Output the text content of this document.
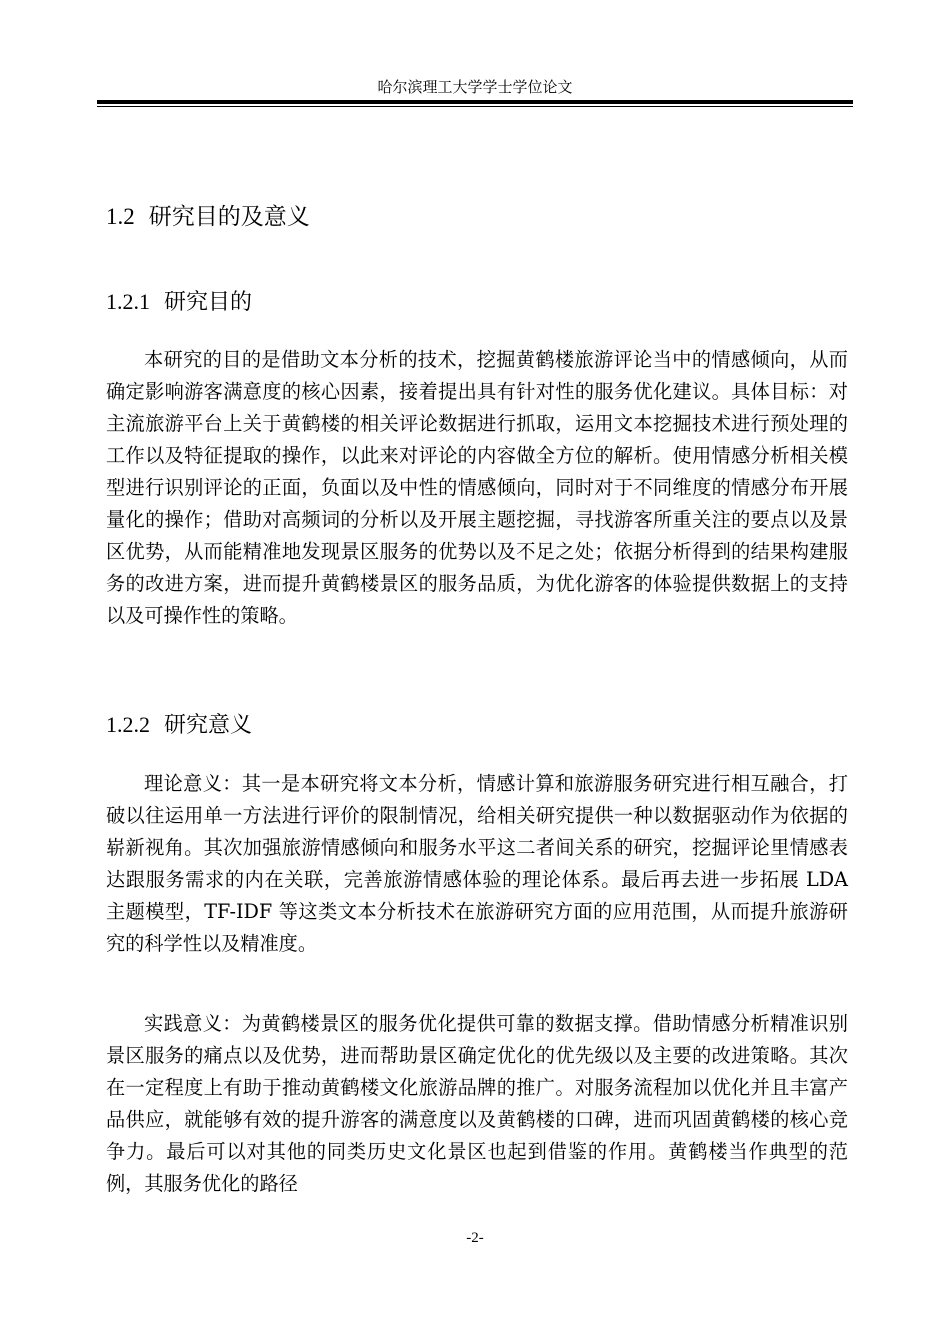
哈尔滨理工大学学士学位论文
1.2 研究目的及意义
1.2.1 研究目的

本研究的目的是借助文本分析的技术，挖掘黄鹤楼旅游评论当中的情感倾向，从而确定影响游客满意度的核心因素，接着提出具有针对性的服务优化建议。具体目标：对主流旅游平台上关于黄鹤楼的相关评论数据进行抓取，运用文本挖掘技术进行预处理的工作以及特征提取的操作，以此来对评论的内容做全方位的解析。使用情感分析相关模型进行识别评论的正面，负面以及中性的情感倾向，同时对于不同维度的情感分布开展量化的操作；借助对高频词的分析以及开展主题挖掘，寻找游客所重关注的要点以及景区优势，从而能精准地发现景区服务的优势以及不足之处；依据分析得到的结果构建服务的改进方案，进而提升黄鹤楼景区的服务品质，为优化游客的体验提供数据上的支持以及可操作性的策略。

1.2.2 研究意义

理论意义：其一是本研究将文本分析，情感计算和旅游服务研究进行相互融合，打破以往运用单一方法进行评价的限制情况，给相关研究提供一种以数据驱动作为依据的崭新视角。其次加强旅游情感倾向和服务水平这二者间关系的研究，挖掘评论里情感表达跟服务需求的内在关联，完善旅游情感体验的理论体系。最后再去进一步拓展 LDA 主题模型，TF-IDF 等这类文本分析技术在旅游研究方面的应用范围，从而提升旅游研究的科学性以及精准度。

实践意义：为黄鹤楼景区的服务优化提供可靠的数据支撑。借助情感分析精准识别景区服务的痛点以及优势，进而帮助景区确定优化的优先级以及主要的改进策略。其次在一定程度上有助于推动黄鹤楼文化旅游品牌的推广。对服务流程加以优化并且丰富产品供应，就能够有效的提升游客的满意度以及黄鹤楼的口碑，进而巩固黄鹤楼的核心竞争力。最后可以对其他的同类历史文化景区也起到借鉴的作用。黄鹤楼当作典型的范例，其服务优化的路径

-2-
